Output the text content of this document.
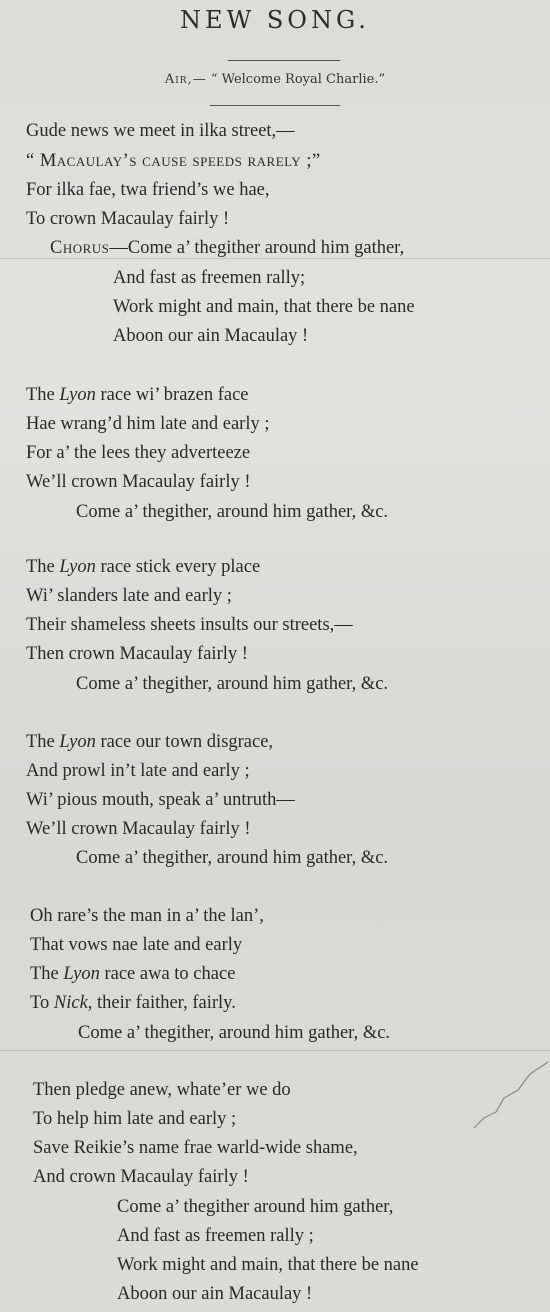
NEW SONG.
Air,— “ Welcome Royal Charlie.”
Gude news we meet in ilka street,—
“ Macaulay’s cause speeds rarely ;”
For ilka fae, twa friend’s we hae,
To crown Macaulay fairly !
Chorus—Come a’ thegither around him gather,
And fast as freemen rally;
Work might and main, that there be nane
Aboon our ain Macaulay !
The Lyon race wi’ brazen face
Hae wrang’d him late and early ;
For a’ the lees they adverteeze
We’ll crown Macaulay fairly !
Come a’ thegither, around him gather, &c.
The Lyon race stick every place
Wi’ slanders late and early ;
Their shameless sheets insults our streets,—
Then crown Macaulay fairly !
Come a’ thegither, around him gather, &c.
The Lyon race our town disgrace,
And prowl in’t late and early ;
Wi’ pious mouth, speak a’ untruth—
We’ll crown Macaulay fairly !
Come a’ thegither, around him gather, &c.
Oh rare’s the man in a’ the lan’,
That vows nae late and early
The Lyon race awa to chace
To Nick, their faither, fairly.
Come a’ thegither, around him gather, &c.
Then pledge anew, whate’er we do
To help him late and early ;
Save Reikie’s name frae warld-wide shame,
And crown Macaulay fairly !
Come a’ thegither around him gather,
And fast as freemen rally ;
Work might and main, that there be nane
Aboon our ain Macaulay !
